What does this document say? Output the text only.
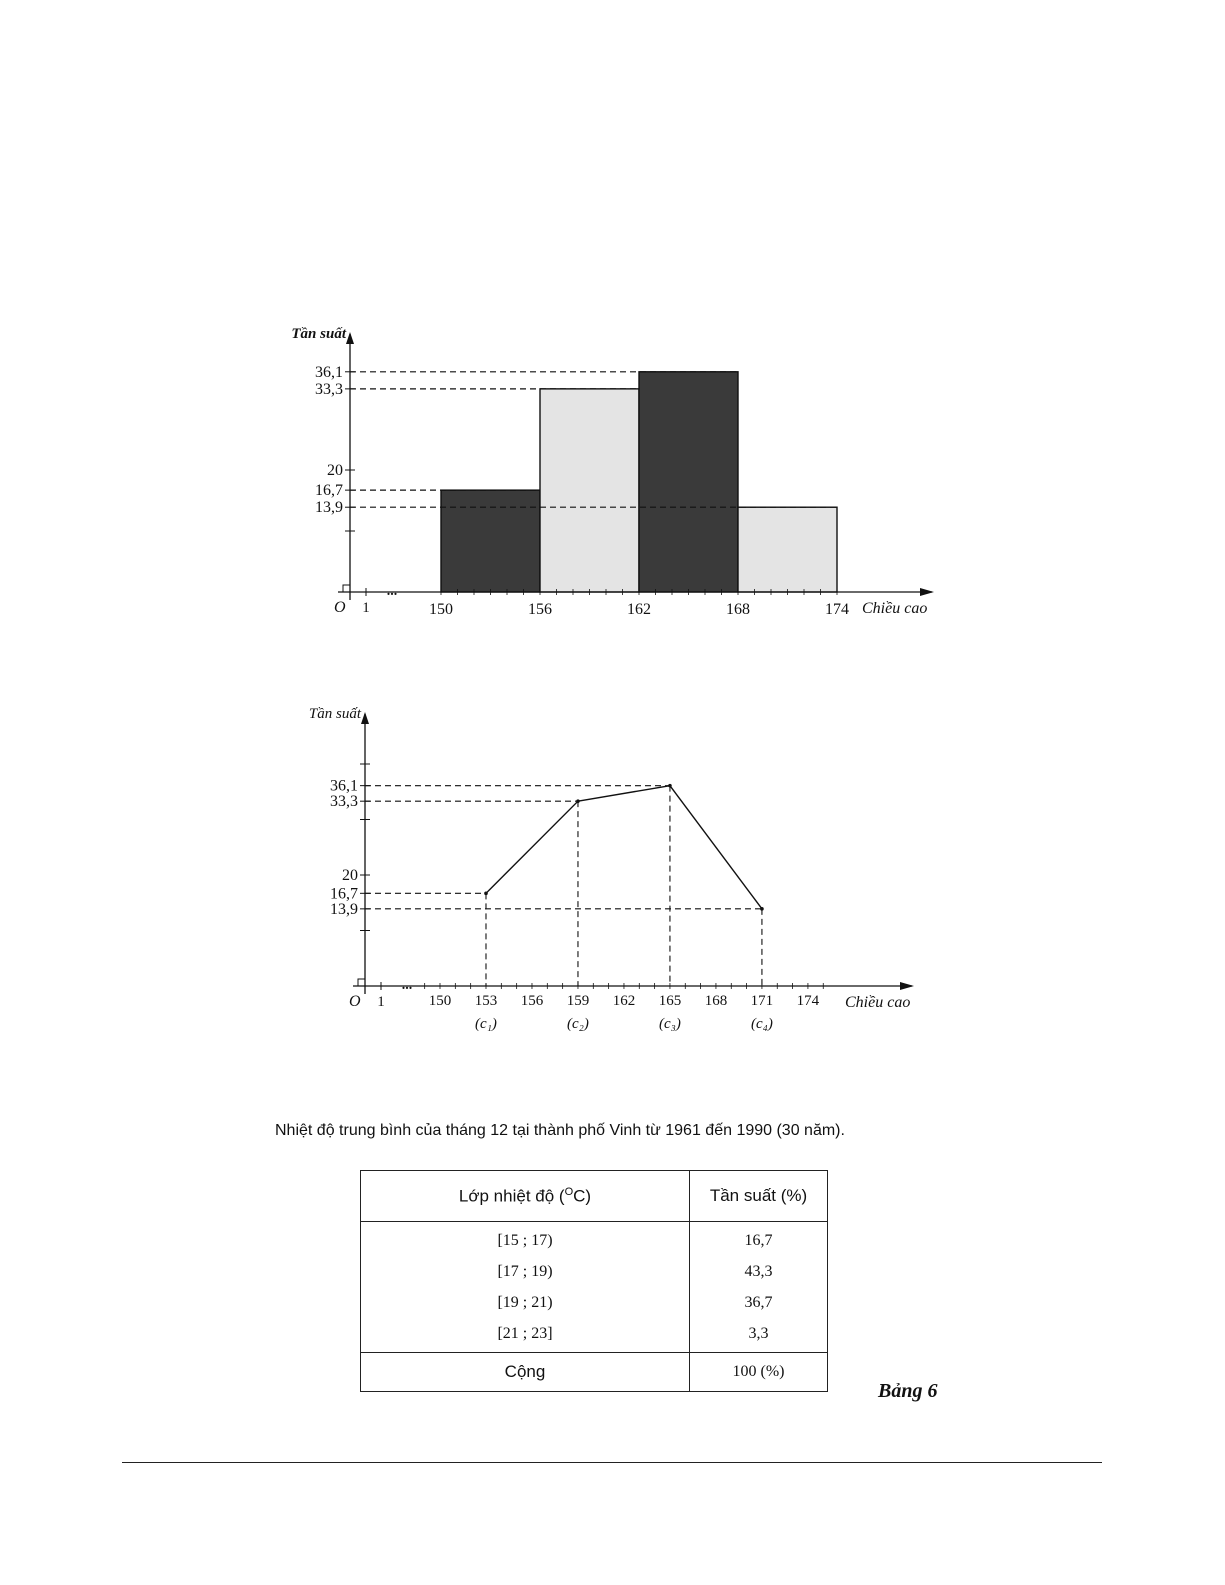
150	156	162	168	174
O 1
...
36,1
33,3
20
16,7
13,9
Tần suất
Chiều cao
(c₁)	(c₂)	(c₃)	(c₄)
150 153 156 159 162 165 168 171 174
O 1
...
36,1
33,3
20
16,7
13,9
Tần suất
Chiều cao
Nhiệt độ trung bình của tháng 12 tại thành phố Vinh từ 1961 đến 1990 (30 năm).
Lớp nhiệt độ ($^O$C)	Tần suất (%)
[15 ; 17)	16,7
[17 ; 19)	43,3
[19 ; 21)	36,7
[21 ; 23]	3,3
Cộng	100 (%)
Bảng 6
